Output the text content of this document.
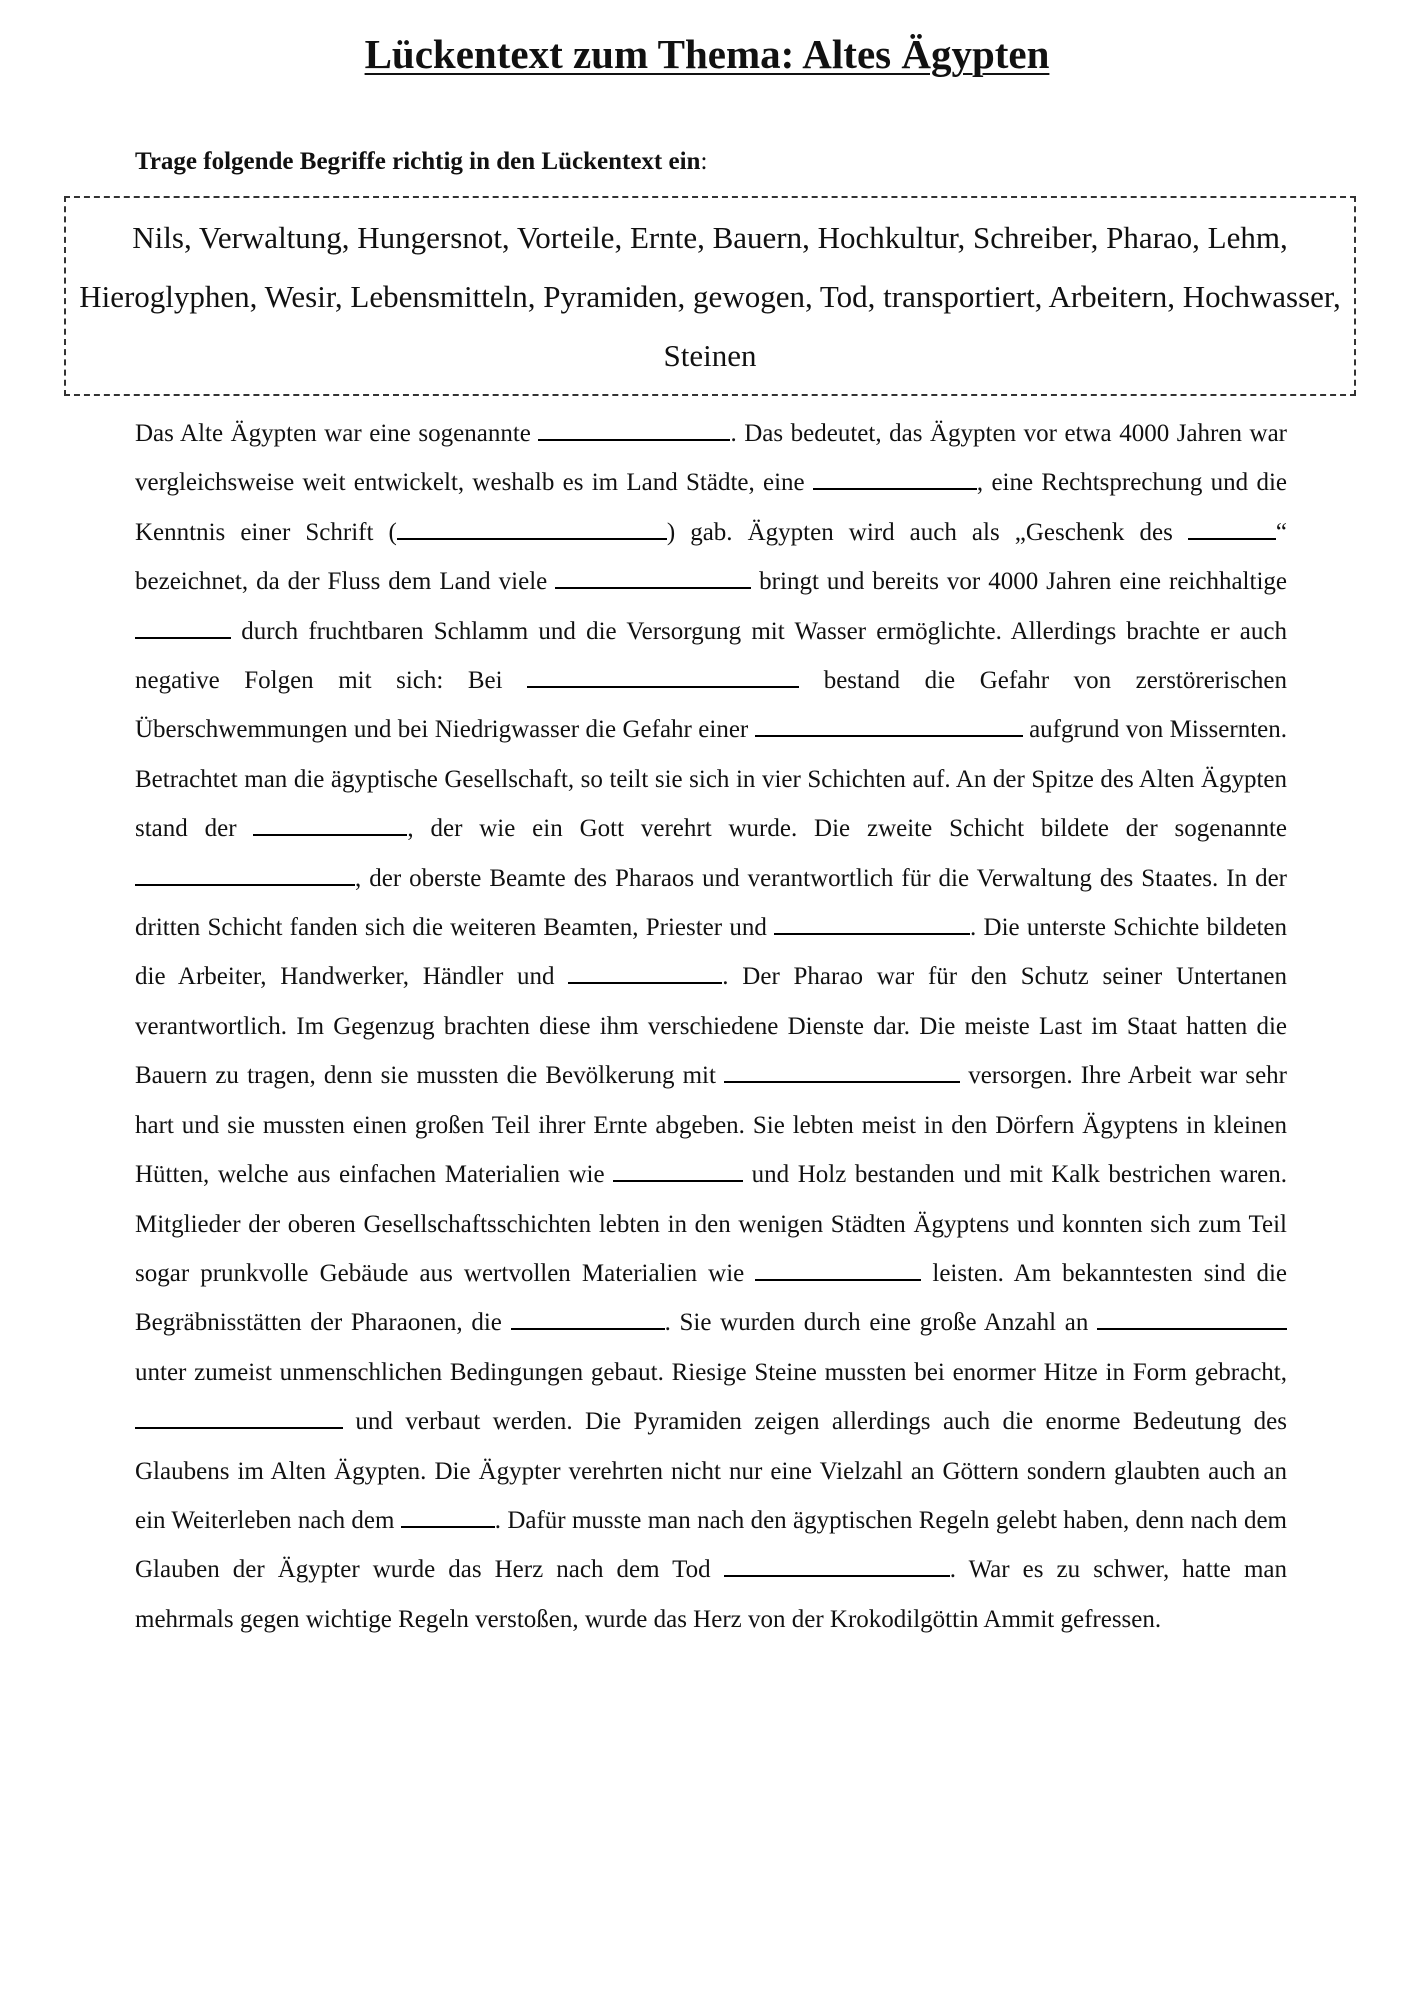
Lückentext zum Thema: Altes Ägypten

Trage folgende Begriffe richtig in den Lückentext ein:

Nils, Verwaltung, Hungersnot, Vorteile, Ernte, Bauern, Hochkultur, Schreiber, Pharao, Lehm, Hieroglyphen, Wesir, Lebensmitteln, Pyramiden, gewogen, Tod, transportiert, Arbeitern, Hochwasser, Steinen

Das Alte Ägypten war eine sogenannte	. Das bedeutet, das Ägypten vor etwa 4000 Jahren war vergleichsweise weit entwickelt, weshalb es im Land Städte, eine	, eine Rechtsprechung und die Kenntnis einer Schrift (	) gab. Ägypten wird auch als „Geschenk des	“ bezeichnet, da der Fluss dem Land viele	bringt und bereits vor 4000 Jahren eine reichhaltige  durch fruchtbaren Schlamm und die Versorgung mit Wasser ermöglichte. Allerdings brachte er auch negative Folgen mit sich: Bei	bestand die Gefahr von zerstörerischen Überschwemmungen und bei Niedrigwasser die Gefahr einer	aufgrund von Missernten. Betrachtet man die ägyptische Gesellschaft, so teilt sie sich in vier Schichten auf. An der Spitze des Alten Ägypten stand der	, der wie ein Gott verehrt wurde. Die zweite Schicht bildete der sogenannte , der oberste Beamte des Pharaos und verantwortlich für die Verwaltung des Staates. In der dritten Schicht fanden sich die weiteren Beamten, Priester und	. Die unterste Schichte bildeten die Arbeiter, Handwerker, Händler und	. Der Pharao war für den Schutz seiner Untertanen verantwortlich. Im Gegenzug brachten diese ihm verschiedene Dienste dar. Die meiste Last im Staat hatten die Bauern zu tragen, denn sie mussten die Bevölkerung mit	versorgen. Ihre Arbeit war sehr hart und sie mussten einen großen Teil ihrer Ernte abgeben. Sie lebten meist in den Dörfern Ägyptens in kleinen Hütten, welche aus einfachen Materialien wie	und Holz bestanden und mit Kalk bestrichen waren. Mitglieder der oberen Gesellschaftsschichten lebten in den wenigen Städten Ägyptens und konnten sich zum Teil sogar prunkvolle Gebäude aus wertvollen Materialien wie	leisten. Am bekanntesten sind die Begräbnisstätten der Pharaonen, die	. Sie wurden durch eine große Anzahl an  unter zumeist unmenschlichen Bedingungen gebaut. Riesige Steine mussten bei enormer Hitze in Form gebracht,  und verbaut werden. Die Pyramiden zeigen allerdings auch die enorme Bedeutung des Glaubens im Alten Ägypten. Die Ägypter verehrten nicht nur eine Vielzahl an Göttern sondern glaubten auch an ein Weiterleben nach dem	. Dafür musste man nach den ägyptischen Regeln gelebt haben, denn nach dem Glauben der Ägypter wurde das Herz nach dem Tod	. War es zu schwer, hatte man mehrmals gegen wichtige Regeln verstoßen, wurde das Herz von der Krokodilgöttin Ammit gefressen.
